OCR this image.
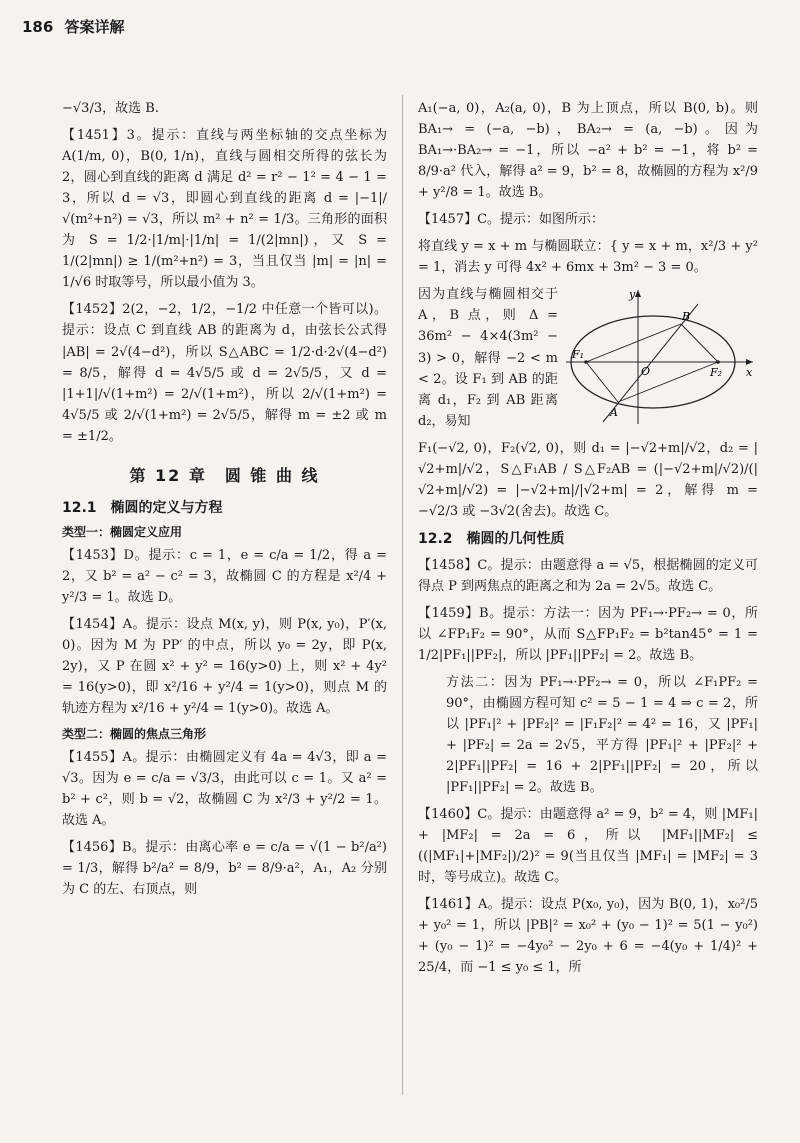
186 答案详解

−√3/3，故选 B.

【1451】3。提示：直线与两坐标轴的交点坐标为 A(1/m, 0)，B(0, 1/n)，直线与圆相交所得的弦长为 2，圆心到直线的距离 d 满足 d² = r² − 1² = 4 − 1 = 3，所以 d = √3，即圆心到直线的距离 d = |−1|/√(m²+n²) = √3，所以 m² + n² = 1/3。三角形的面积为 S = 1/2·|1/m|·|1/n| = 1/(2|mn|)，又 S = 1/(2|mn|) ≥ 1/(m²+n²) = 3，当且仅当 |m| = |n| = 1/√6 时取等号，所以最小值为 3。

【1452】2(2，−2，1/2，−1/2 中任意一个皆可以)。提示：设点 C 到直线 AB 的距离为 d，由弦长公式得 |AB| = 2√(4−d²)，所以 S△ABC = 1/2·d·2√(4−d²) = 8/5，解得 d = 4√5/5 或 d = 2√5/5，又 d = |1+1|/√(1+m²) = 2/√(1+m²)，所以 2/√(1+m²) = 4√5/5 或 2/√(1+m²) = 2√5/5，解得 m = ±2 或 m = ±1/2。

第 12 章　圆 锥 曲 线
12.1　椭圆的定义与方程
类型一：椭圆定义应用

【1453】D。提示：c = 1，e = c/a = 1/2，得 a = 2，又 b² = a² − c² = 3，故椭圆 C 的方程是 x²/4 + y²/3 = 1。故选 D。

【1454】A。提示：设点 M(x, y)，则 P(x, y₀)，P′(x, 0)。因为 M 为 PP′ 的中点，所以 y₀ = 2y，即 P(x, 2y)，又 P 在圆 x² + y² = 16(y>0) 上，则 x² + 4y² = 16(y>0)，即 x²/16 + y²/4 = 1(y>0)，则点 M 的轨迹方程为 x²/16 + y²/4 = 1(y>0)。故选 A。

类型二：椭圆的焦点三角形

【1455】A。提示：由椭圆定义有 4a = 4√3，即 a = √3。因为 e = c/a = √3/3，由此可以 c = 1。又 a² = b² + c²，则 b = √2，故椭圆 C 为 x²/3 + y²/2 = 1。故选 A。

【1456】B。提示：由离心率 e = c/a = √(1 − b²/a²) = 1/3，解得 b²/a² = 8/9，b² = 8/9·a²，A₁，A₂ 分别为 C 的左、右顶点，则

A₁(−a, 0)，A₂(a, 0)，B 为上顶点，所以 B(0, b)。则 BA₁→ = (−a, −b)，BA₂→ = (a, −b)。因为 BA₁→·BA₂→ = −1，所以 −a² + b² = −1，将 b² = 8/9·a² 代入，解得 a² = 9，b² = 8，故椭圆的方程为 x²/9 + y²/8 = 1。故选 B。

【1457】C。提示：如图所示：

将直线 y = x + m 与椭圆联立：{ y = x + m，x²/3 + y² = 1，消去 y 可得 4x² + 6mx + 3m² − 3 = 0。

因为直线与椭圆相交于 A，B 点，则 Δ = 36m² − 4×4(3m² − 3) > 0，解得 −2 < m < 2。设 F₁ 到 AB 的距离 d₁，F₂ 到 AB 距离 d₂，易知

y
x
O
B
A
F₁
F₂

F₁(−√2, 0)，F₂(√2, 0)，则 d₁ = |−√2+m|/√2，d₂ = |√2+m|/√2，S△F₁AB / S△F₂AB = (|−√2+m|/√2)/(|√2+m|/√2) = |−√2+m|/|√2+m| = 2，解得 m = −√2/3 或 −3√2(舍去)。故选 C。

12.2　椭圆的几何性质

【1458】C。提示：由题意得 a = √5，根据椭圆的定义可得点 P 到两焦点的距离之和为 2a = 2√5。故选 C。

【1459】B。提示：方法一：因为 PF₁→·PF₂→ = 0，所以 ∠FP₁F₂ = 90°，从而 S△FP₁F₂ = b²tan45° = 1 = 1/2|PF₁||PF₂|，所以 |PF₁||PF₂| = 2。故选 B。

方法二：因为 PF₁→·PF₂→ = 0，所以 ∠F₁PF₂ = 90°，由椭圆方程可知 c² = 5 − 1 = 4 ⇒ c = 2，所以 |PF₁|² + |PF₂|² = |F₁F₂|² = 4² = 16，又 |PF₁| + |PF₂| = 2a = 2√5，平方得 |PF₁|² + |PF₂|² + 2|PF₁||PF₂| = 16 + 2|PF₁||PF₂| = 20，所以 |PF₁||PF₂| = 2。故选 B。

【1460】C。提示：由题意得 a² = 9，b² = 4，则 |MF₁| + |MF₂| = 2a = 6，所以 |MF₁||MF₂| ≤ ((|MF₁|+|MF₂|)/2)² = 9(当且仅当 |MF₁| = |MF₂| = 3 时，等号成立)。故选 C。

【1461】A。提示：设点 P(x₀, y₀)，因为 B(0, 1)，x₀²/5 + y₀² = 1，所以 |PB|² = x₀² + (y₀ − 1)² = 5(1 − y₀²) + (y₀ − 1)² = −4y₀² − 2y₀ + 6 = −4(y₀ + 1/4)² + 25/4，而 −1 ≤ y₀ ≤ 1，所
